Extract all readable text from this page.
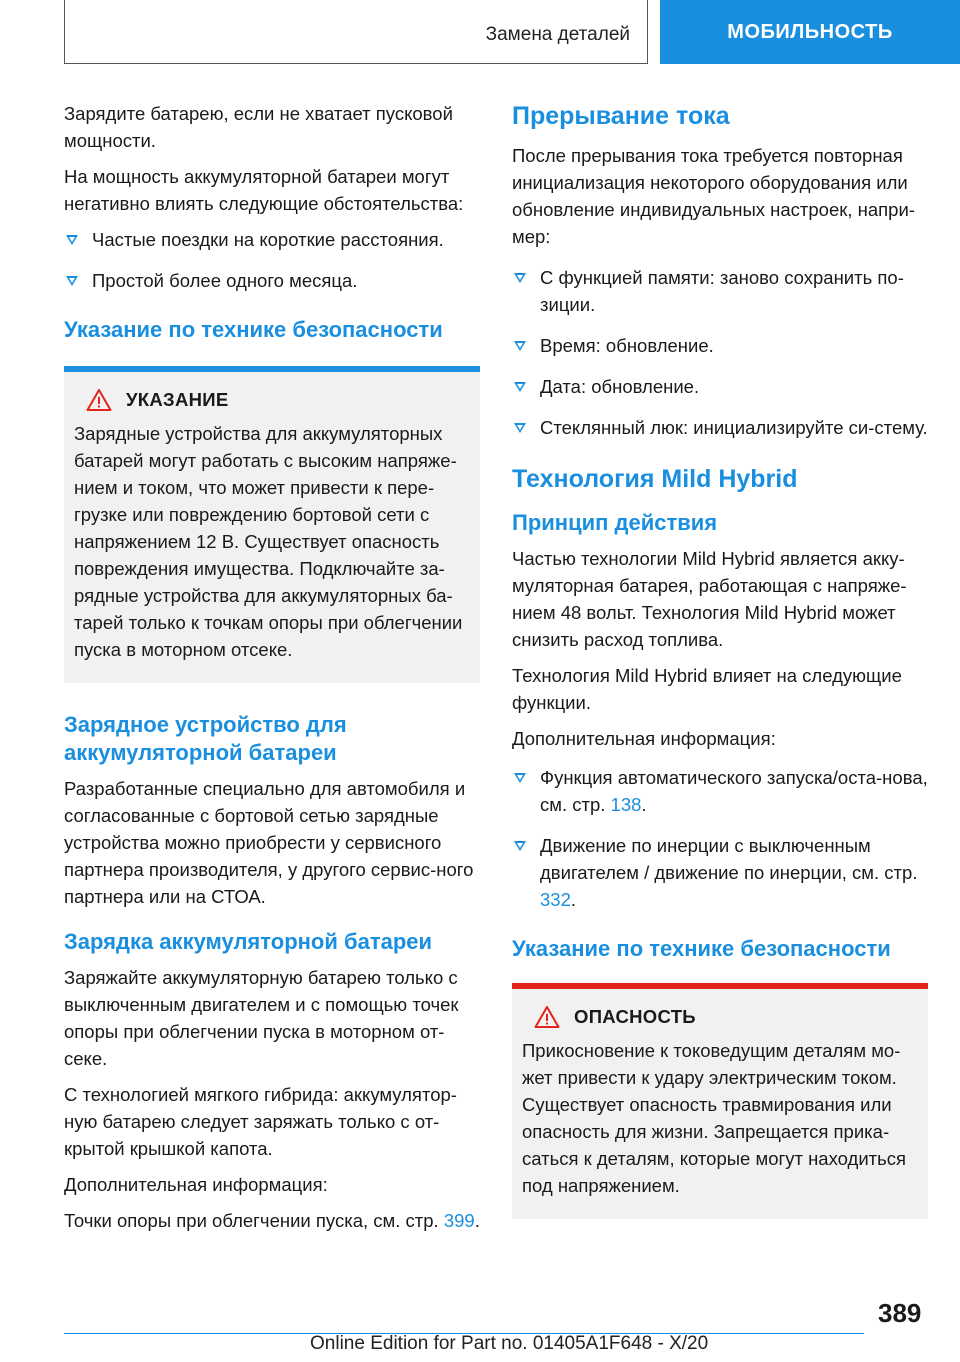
Замена деталей	МОБИЛЬНОСТЬ

Зарядите батарею, если не хватает пусковой мощности.

На мощность аккумуляторной батареи могут негативно влиять следующие обстоятельства:

Частые поездки на короткие расстояния.
Простой более одного месяца.
Указание по технике безопасности
УКАЗАНИЕ

Зарядные устройства для аккумуляторных батарей могут работать с высоким напряже-нием и током, что может привести к пере-грузке или повреждению бортовой сети с напряжением 12 В. Существует опасность повреждения имущества. Подключайте за-рядные устройства для аккумуляторных ба-тарей только к точкам опоры при облегчении пуска в моторном отсеке.

Зарядное устройство для аккумуляторной батареи

Разработанные специально для автомобиля и согласованные с бортовой сетью зарядные устройства можно приобрести у сервисного партнера производителя, у другого сервис-ного партнера или на СТОА.

Зарядка аккумуляторной батареи

Заряжайте аккумуляторную батарею только с выключенным двигателем и с помощью точек опоры при облегчении пуска в моторном от-секе.

С технологией мягкого гибрида: аккумулятор-ную батарею следует заряжать только с от-крытой крышкой капота.

Дополнительная информация:

Точки опоры при облегчении пуска, см. стр. 399.

Прерывание тока

После прерывания тока требуется повторная инициализация некоторого оборудования или обновление индивидуальных настроек, напри-мер:

С функцией памяти: заново сохранить по-зиции.
Время: обновление.
Дата: обновление.
Стеклянный люк: инициализируйте си-стему.
Технология Mild Hybrid
Принцип действия

Частью технологии Mild Hybrid является акку-муляторная батарея, работающая с напряже-нием 48 вольт. Технология Mild Hybrid может снизить расход топлива.

Технология Mild Hybrid влияет на следующие функции.

Дополнительная информация:

Функция автоматического запуска/оста-нова, см. стр. 138.
Движение по инерции с выключенным двигателем / движение по инерции, см. стр. 332.
Указание по технике безопасности
ОПАСНОСТЬ

Прикосновение к токоведущим деталям мо-жет привести к удару электрическим током. Существует опасность травмирования или опасность для жизни. Запрещается прика-саться к деталям, которые могут находиться под напряжением.

389
Online Edition for Part no. 01405A1F648 - X/20
